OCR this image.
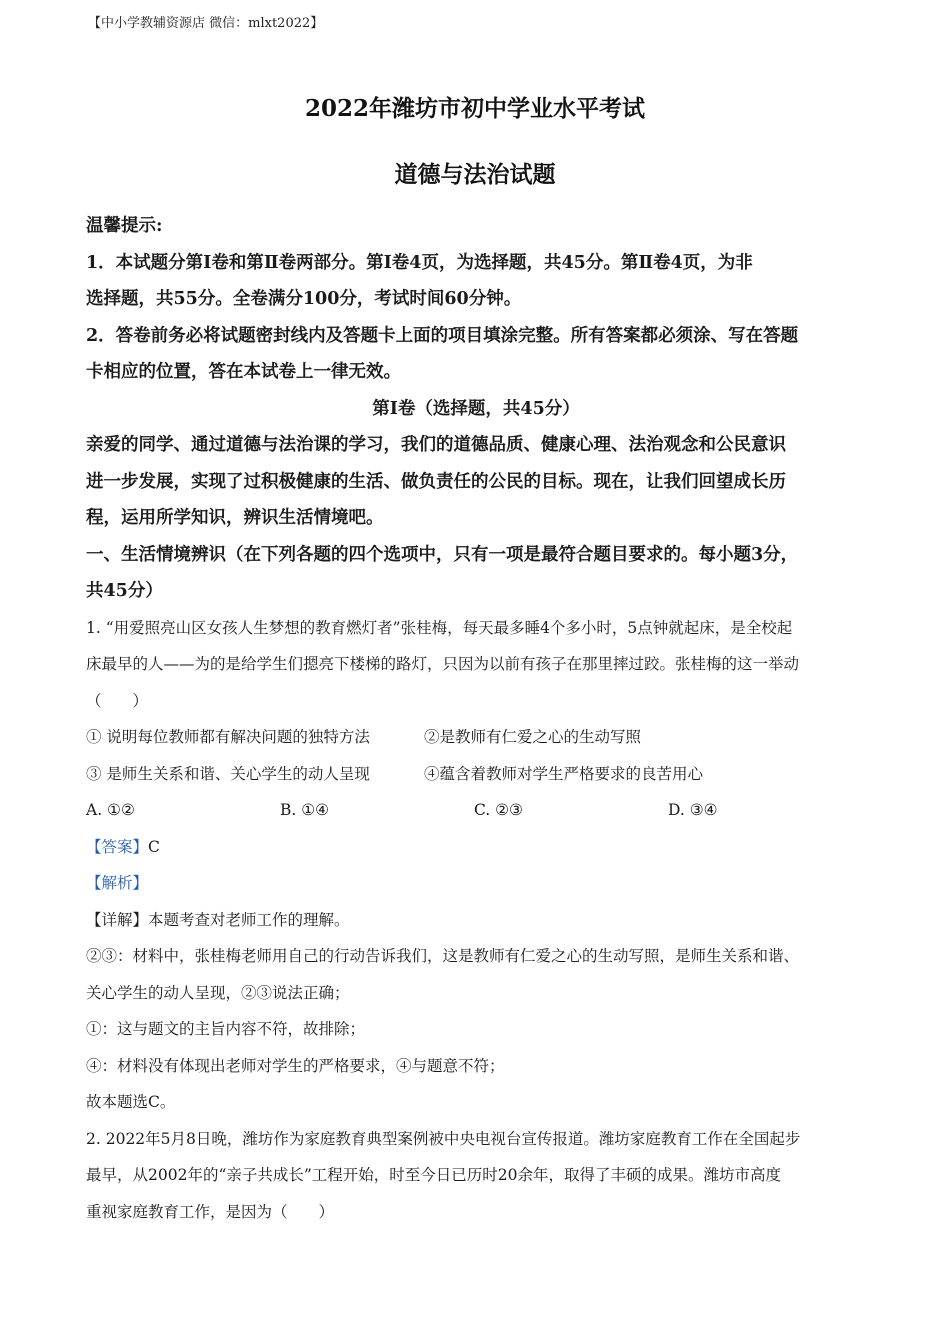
【中小学教辅资源店 微信：mlxt2022】
2022年潍坊市初中学业水平考试
道德与法治试题
温馨提示:
1．本试题分第Ⅰ卷和第Ⅱ卷两部分。第Ⅰ卷4页，为选择题，共45分。第Ⅱ卷4页，为非
选择题，共55分。全卷满分100分，考试时间60分钟。
2．答卷前务必将试题密封线内及答题卡上面的项目填涂完整。所有答案都必须涂、写在答题
卡相应的位置，答在本试卷上一律无效。
第Ⅰ卷（选择题，共45分）
亲爱的同学、通过道德与法治课的学习，我们的道德品质、健康心理、法治观念和公民意识
进一步发展，实现了过积极健康的生活、做负责任的公民的目标。现在，让我们回望成长历
程，运用所学知识，辨识生活情境吧。
一、生活情境辨识（在下列各题的四个选项中，只有一项是最符合题目要求的。每小题3分，
共45分）
1. “用爱照亮山区女孩人生梦想的教育燃灯者”张桂梅，每天最多睡4个多小时，5点钟就起床，是全校起
床最早的人——为的是给学生们摁亮下楼梯的路灯，只因为以前有孩子在那里摔过跤。张桂梅的这一举动
（　　）
① 说明每位教师都有解决问题的独特方法	②是教师有仁爱之心的生动写照
③ 是师生关系和谐、关心学生的动人呈现	④蕴含着教师对学生严格要求的良苦用心
A. ①②	B. ①④	C. ②③	D. ③④
【答案】C
【解析】
【详解】本题考查对老师工作的理解。
②③：材料中，张桂梅老师用自己的行动告诉我们，这是教师有仁爱之心的生动写照，是师生关系和谐、
关心学生的动人呈现，②③说法正确；
①：这与题文的主旨内容不符，故排除；
④：材料没有体现出老师对学生的严格要求，④与题意不符；
故本题选C。
2. 2022年5月8日晚，潍坊作为家庭教育典型案例被中央电视台宣传报道。潍坊家庭教育工作在全国起步
最早，从2002年的“亲子共成长”工程开始，时至今日已历时20余年，取得了丰硕的成果。潍坊市高度
重视家庭教育工作，是因为（　　）
